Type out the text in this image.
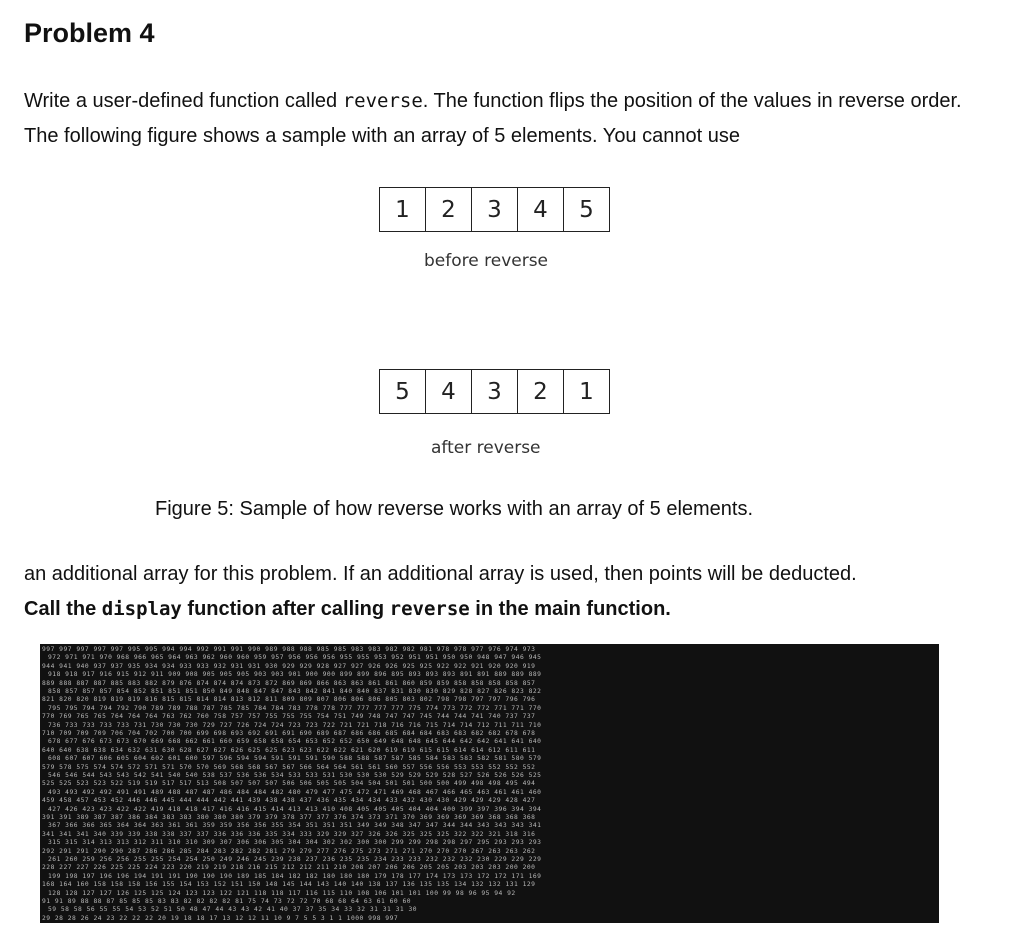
Problem 4

Write a user-defined function called reverse. The function flips the position of the values in reverse order. The following figure shows a sample with an array of 5 elements. You cannot use

1	2	3	4	5
before reverse
5	4	3	2	1
after reverse
Figure 5: Sample of how reverse works with an array of 5 elements.

an additional array for this problem. If an additional array is used, then points will be deducted.
Call the display function after calling reverse in the main function.

997 997 997 997 997 995 995 994 994 992 991 991 990 989 988 988 985 985 983 983 982 982 981 978 978 977 976 974 973
972 971 971 970 968 966 965 964 963 962 960 960 959 957 956 956 956 955 955 953 952 951 951 950 950 948 947 946 945
944 941 940 937 937 935 934 934 933 933 932 931 931 930 929 929 928 927 927 926 926 925 925 922 922 921 920 920 919
918 918 917 916 915 912 911 909 908 905 905 905 903 903 901 900 900 899 899 896 895 893 893 893 891 891 889 889 889
889 888 887 887 885 883 882 879 876 874 874 874 873 872 869 869 866 863 863 861 861 860 859 859 858 858 858 858 857
858 857 857 857 854 852 851 851 851 850 849 848 847 847 843 842 841 840 840 837 831 830 830 829 828 827 826 823 822
821 820 820 819 819 819 816 815 815 814 814 813 812 811 809 809 807 806 806 806 805 803 802 798 798 797 797 796 796
795 795 794 794 792 790 789 789 788 787 785 785 784 784 783 778 778 777 777 777 777 775 774 773 772 772 771 771 770
770 769 765 765 764 764 764 763 762 760 758 757 757 755 755 755 754 751 749 748 747 747 745 744 744 741 740 737 737
736 733 733 733 733 731 730 730 730 729 727 726 724 724 723 723 722 721 721 718 716 716 715 714 714 712 711 711 710
710 709 709 709 706 704 702 700 700 699 698 693 692 691 691 690 689 687 686 686 685 684 684 683 683 682 682 678 678
678 677 676 673 673 670 669 668 662 661 660 659 658 658 654 653 652 652 650 649 648 648 645 644 642 642 641 641 640
640 640 638 638 634 632 631 630 628 627 627 626 625 625 623 623 622 622 621 620 619 619 615 615 614 614 612 611 611
608 607 607 606 605 604 602 601 600 597 596 594 594 591 591 591 590 588 588 587 587 585 584 583 583 582 581 580 579
579 578 575 574 574 572 571 571 570 570 569 568 568 567 567 566 564 564 561 561 560 557 556 556 553 553 552 552 552
546 546 544 543 543 542 541 540 540 538 537 536 536 534 533 533 531 530 530 530 529 529 529 528 527 526 526 526 525
525 525 523 523 522 519 519 517 517 513 508 507 507 507 506 506 505 505 504 504 501 501 500 500 499 498 498 495 494
493 493 492 492 491 491 489 488 487 487 486 484 484 482 480 479 477 475 472 471 469 468 467 466 465 463 461 461 460
459 458 457 453 452 446 446 445 444 444 442 441 439 438 438 437 436 435 434 434 433 432 430 430 429 429 429 428 427
427 426 423 423 422 422 419 418 418 417 416 416 415 414 413 413 410 408 405 405 405 404 404 400 399 397 396 394 394
391 391 389 387 387 386 384 383 383 380 380 380 379 379 378 377 377 376 374 373 371 370 369 369 369 369 368 368 368
367 366 366 365 364 364 363 361 361 359 359 356 356 355 354 351 351 351 349 349 348 347 347 344 344 343 343 343 341
341 341 341 340 339 339 338 338 337 337 336 336 336 335 334 333 329 329 327 326 326 325 325 325 322 322 321 318 316
315 315 314 313 313 312 311 310 310 309 307 306 306 305 304 304 302 302 300 300 299 299 298 298 297 295 293 293 293
292 291 291 290 290 287 286 286 285 284 283 282 282 281 279 279 277 276 275 273 271 271 270 270 270 267 263 263 262
261 260 259 256 256 255 255 254 254 250 249 246 245 239 238 237 236 235 235 234 233 233 232 232 232 230 229 229 229
228 227 227 226 225 225 224 223 220 219 219 218 216 215 212 212 211 210 208 207 206 206 205 205 203 203 203 200 200
199 198 197 196 196 194 191 191 190 190 190 189 185 184 182 182 180 180 180 179 178 177 174 173 173 172 172 171 169
168 164 160 158 158 158 156 155 154 153 152 151 150 148 145 144 143 140 140 138 137 136 135 135 134 132 132 131 129
128 128 127 127 126 125 125 124 123 123 122 121 118 118 117 116 115 110 108 106 101 101 100 99 98 96 95 94 92
91 91 89 88 88 87 85 85 85 83 83 82 82 82 82 81 75 74 73 72 72 70 68 68 64 63 61 60 60
59 58 58 56 55 55 54 53 52 51 50 48 47 44 43 43 42 41 40 37 37 35 34 33 32 31 31 31 30
29 28 28 26 24 23 22 22 22 20 19 18 18 17 13 12 12 11 10 9 7 5 5 3 1 1 1000 998 997
